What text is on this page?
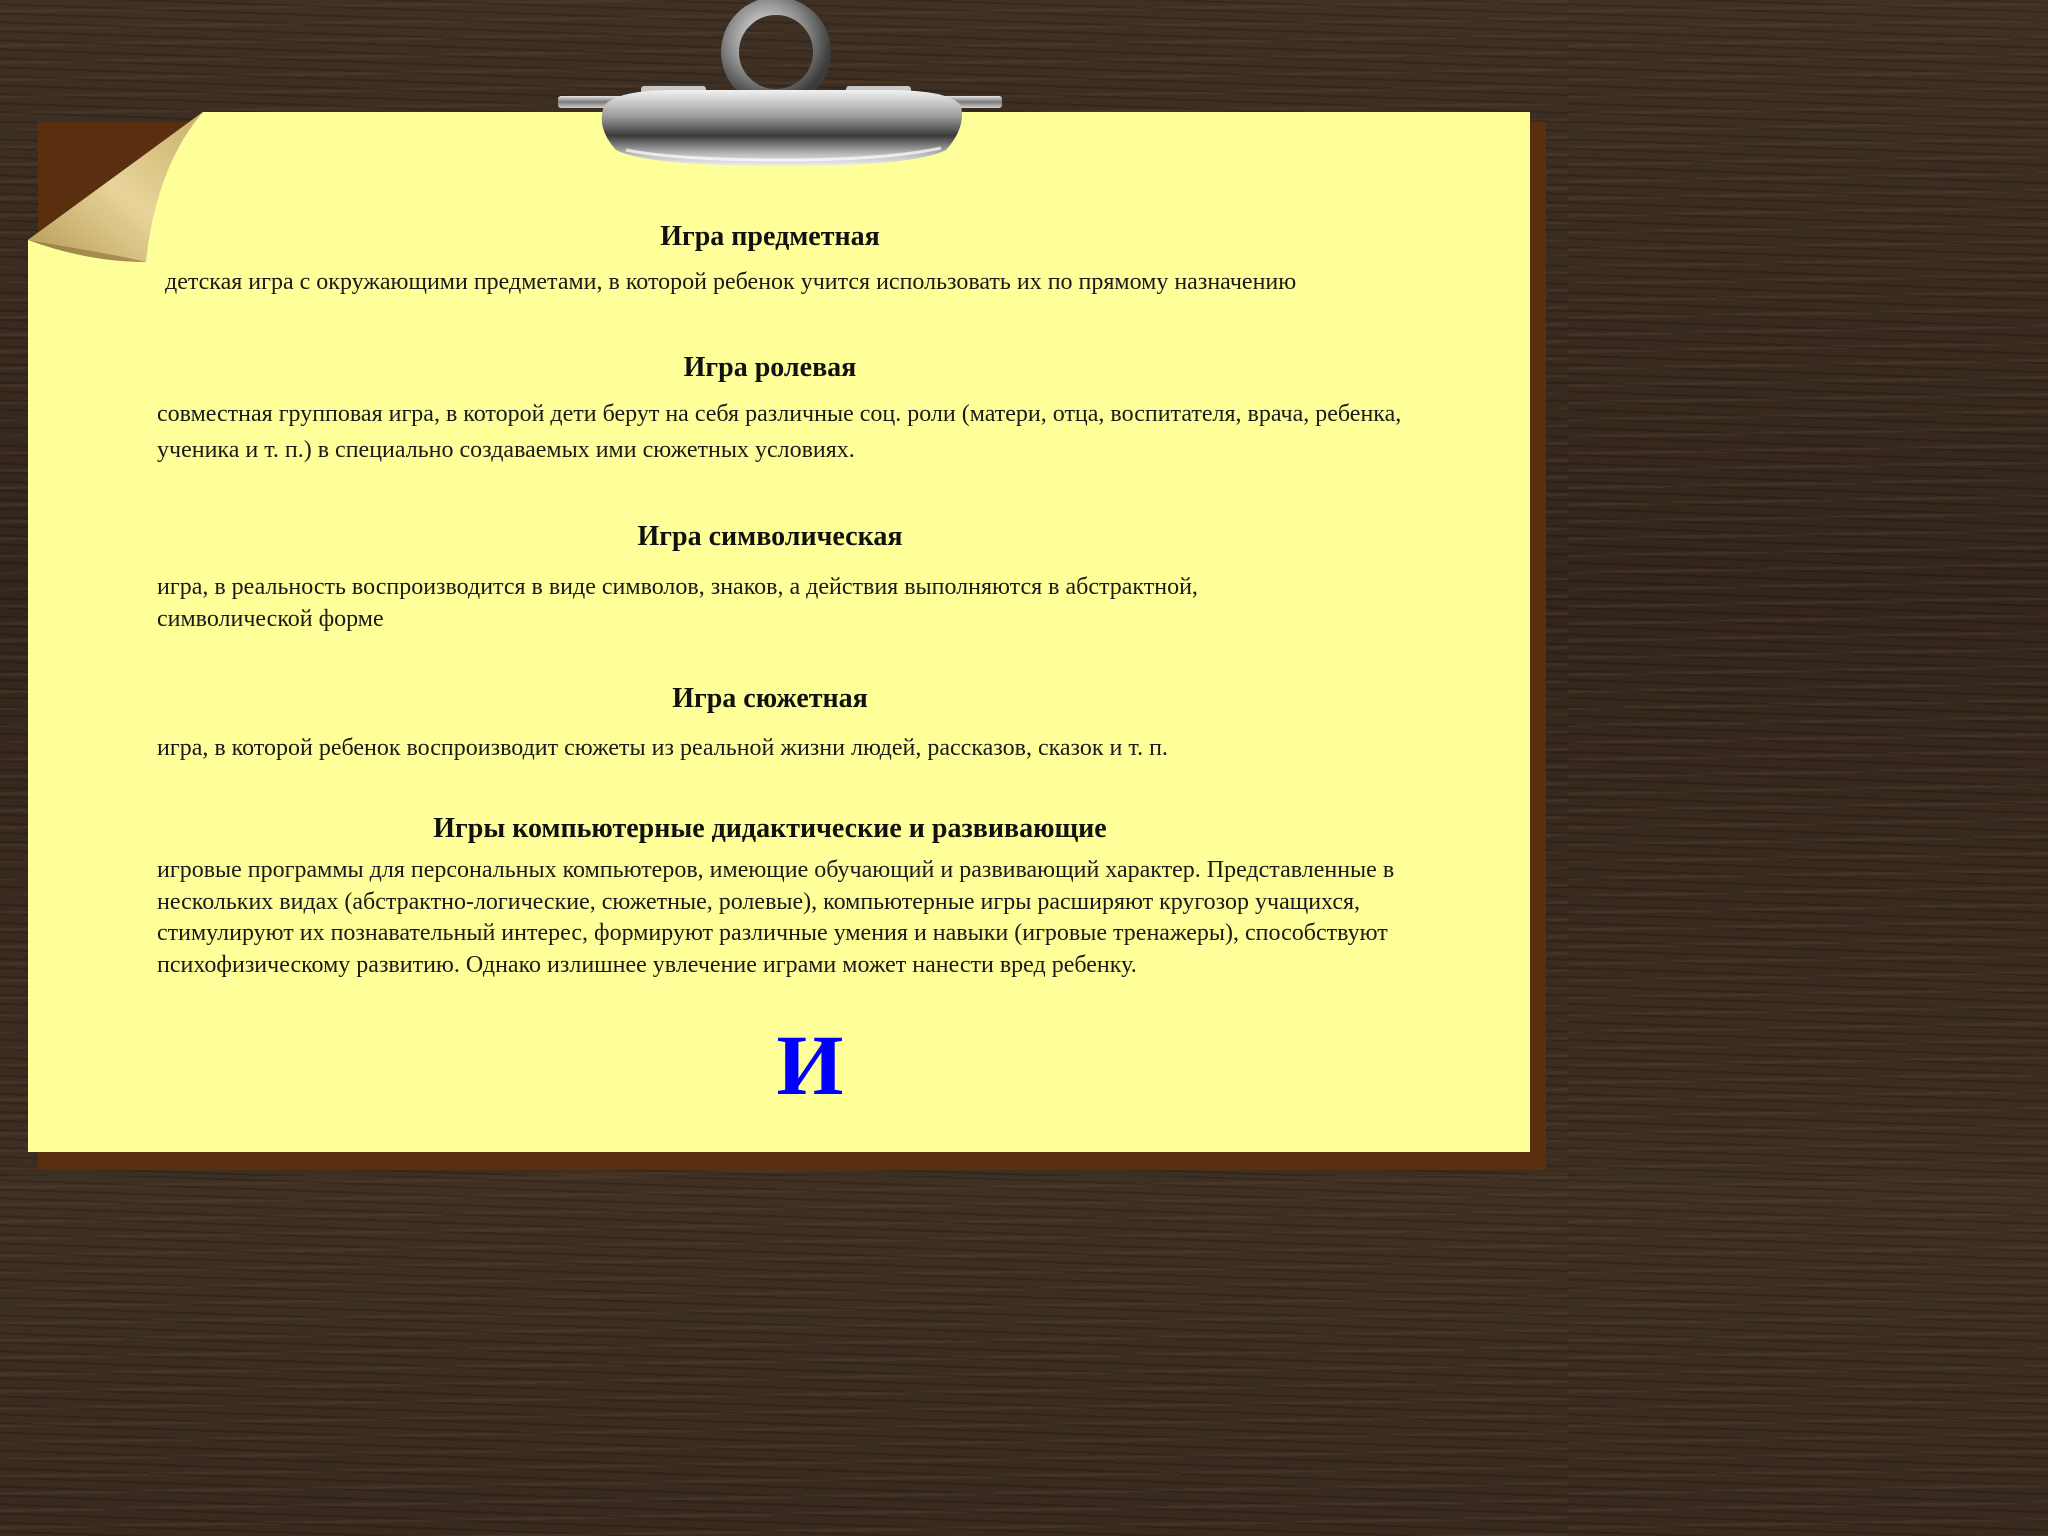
Игра предметная

детская игра с окружающими предметами, в которой ребенок учится использовать их по прямому назначению

Игра ролевая

совместная групповая игра, в которой дети берут на себя различные соц. роли (матери, отца, воспитателя, врача, ребенка, ученика и т. п.) в специально создаваемых ими сюжетных условиях.

Игра символическая

игра, в реальность воспроизводится в виде символов, знаков, а действия выполняются в абстрактной, символической форме

Игра сюжетная

игра, в которой ребенок воспроизводит сюжеты из реальной жизни людей, рассказов, сказок и т. п.

Игры компьютерные дидактические и развивающие

игровые программы для персональных компьютеров, имеющие обучающий и развивающий характер. Представленные в нескольких видах (абстрактно-логические, сюжетные, ролевые), компьютерные игры расширяют кругозор учащихся, стимулируют их познавательный интерес, формируют различные умения и навыки (игровые тренажеры), способствуют психофизическому развитию. Однако излишнее увлечение играми может нанести вред ребенку.

И
